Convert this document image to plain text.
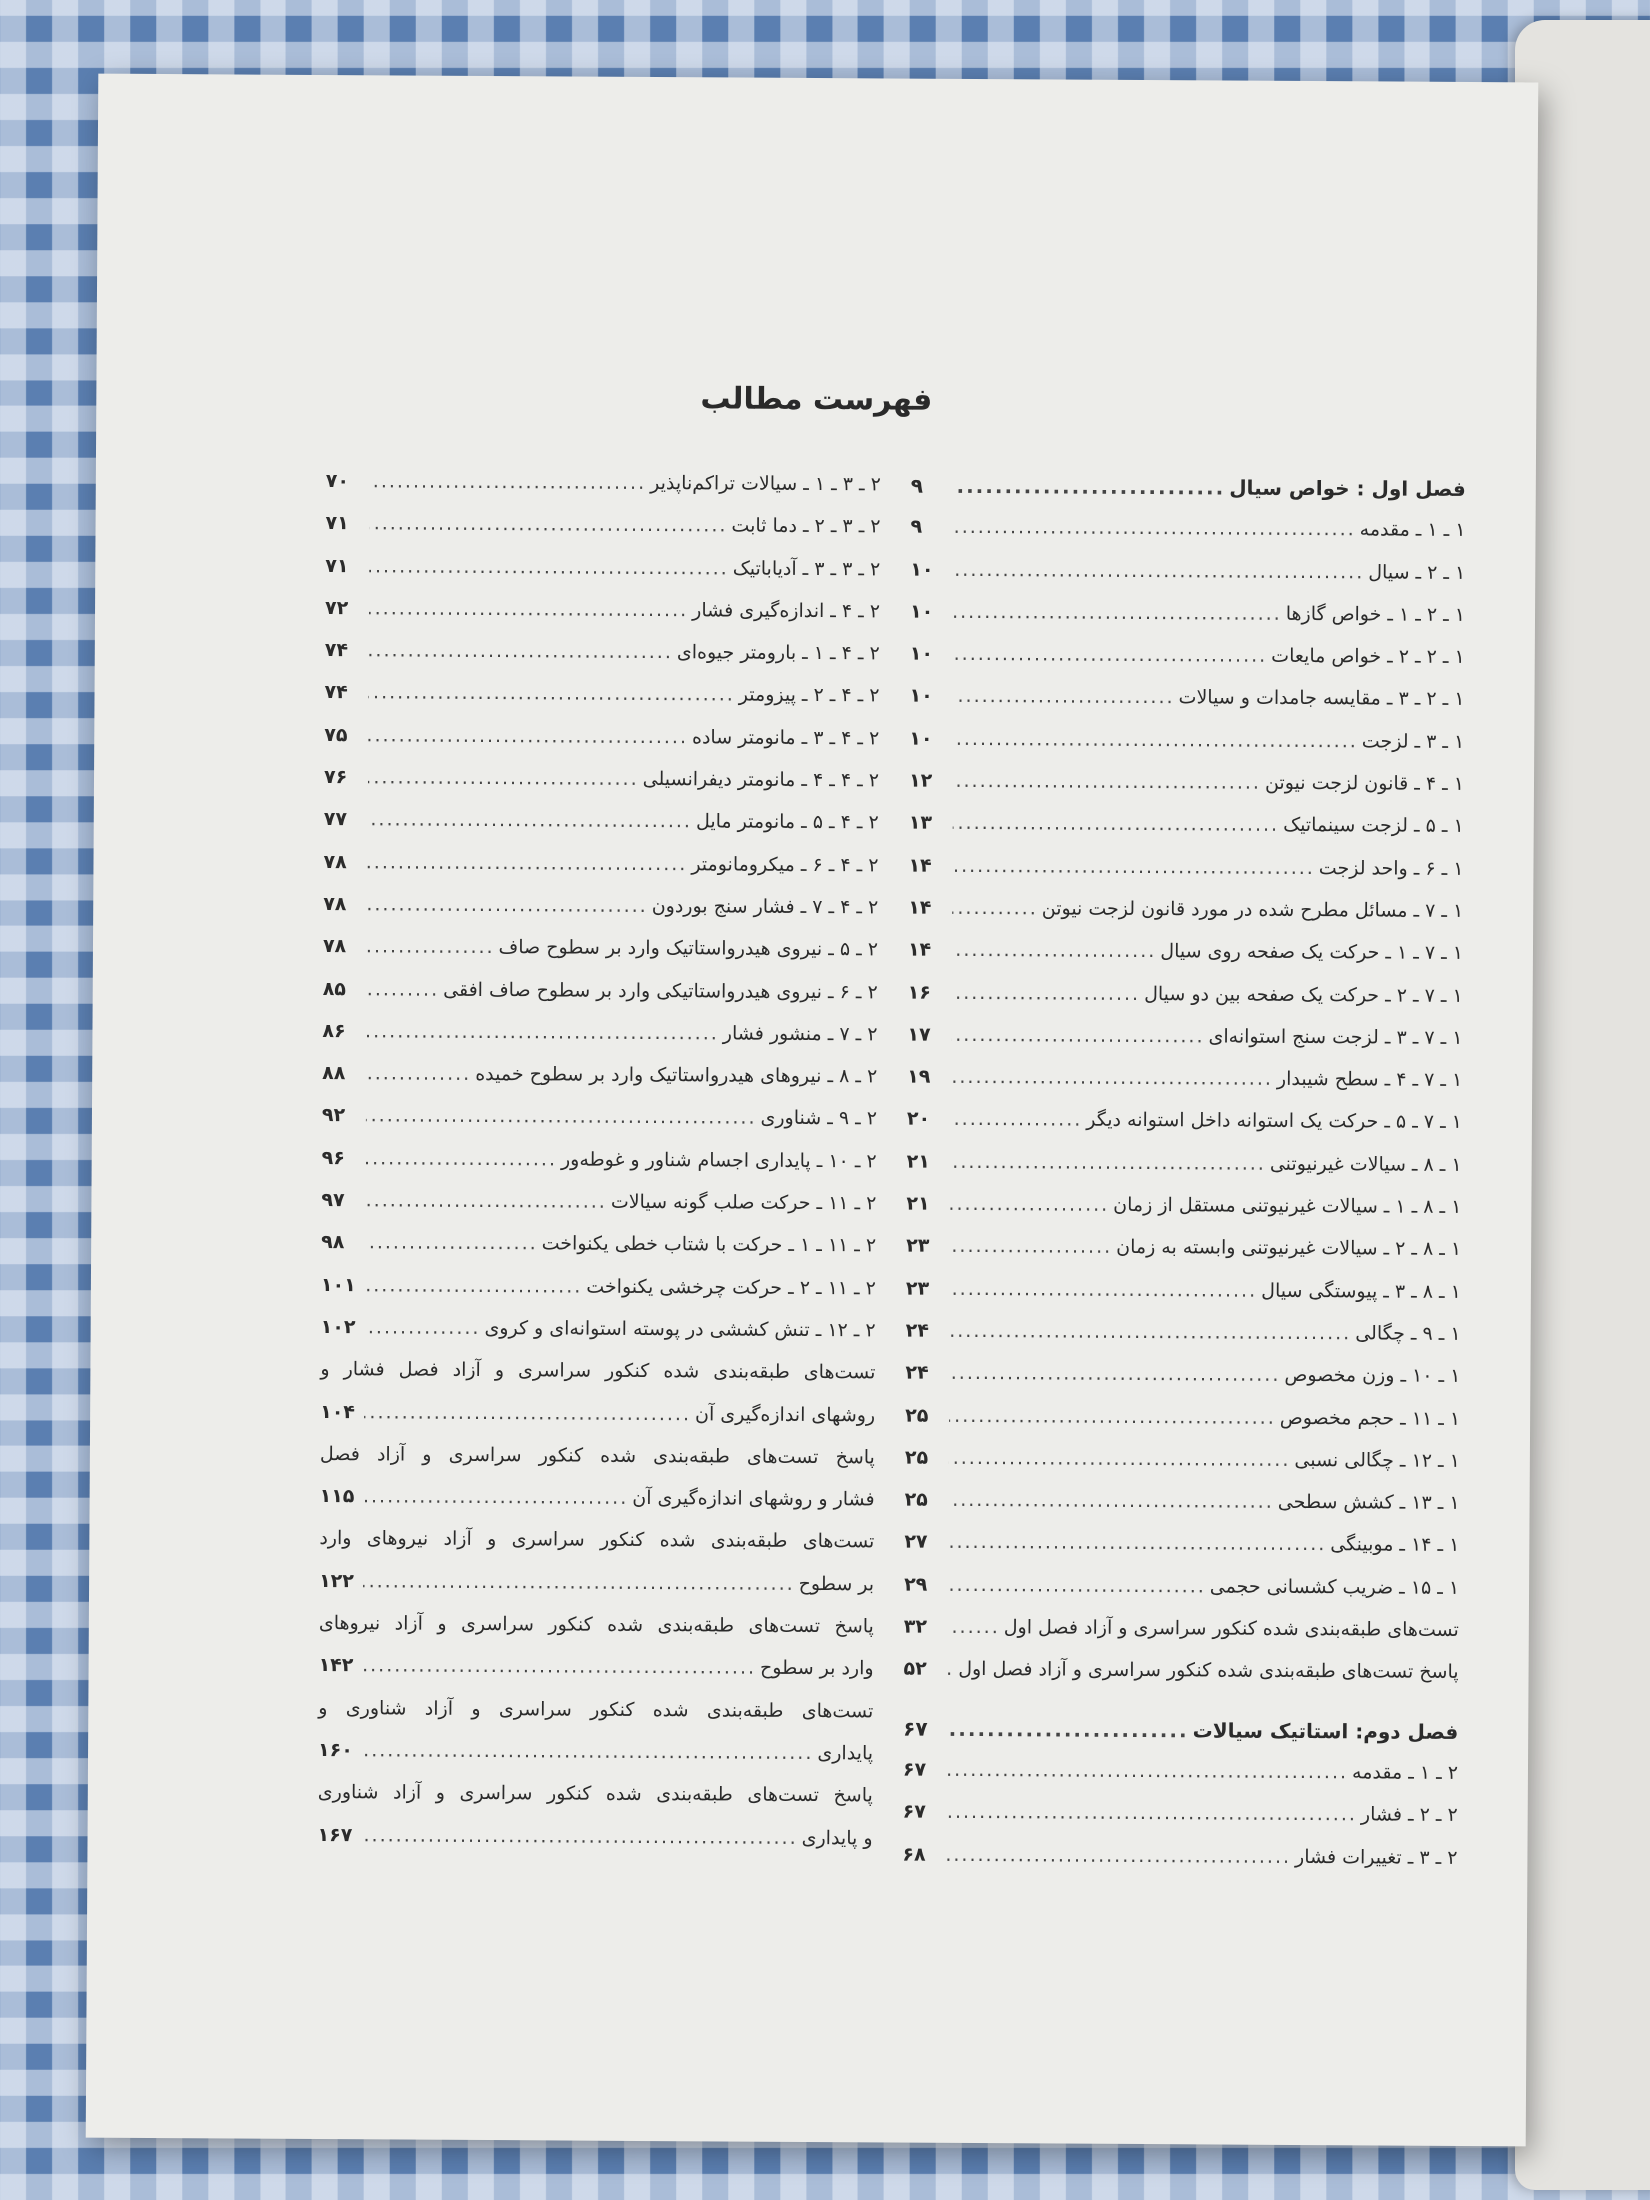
فهرست مطالب
فصل اول : خواص سیال
.....
۹
۱ ـ ۱ ـ مقدمه
.....
۹
۱ ـ ۲ ـ سیال
.....
۱۰
۱ ـ ۲ ـ ۱ ـ خواص گازها
.....
۱۰
۱ ـ ۲ ـ ۲ ـ خواص مایعات
.....
۱۰
۱ ـ ۲ ـ ۳ ـ مقایسه جامدات و سیالات
.....
۱۰
۱ ـ ۳ ـ لزجت
.....
۱۰
۱ ـ ۴ ـ قانون لزجت نیوتن
.....
۱۲
۱ ـ ۵ ـ لزجت سینماتیک
.....
۱۳
۱ ـ ۶ ـ واحد لزجت
.....
۱۴
۱ ـ ۷ ـ مسائل مطرح شده در مورد قانون لزجت نیوتن
.....
۱۴
۱ ـ ۷ ـ ۱ ـ حرکت یک صفحه روی سیال
.....
۱۴
۱ ـ ۷ ـ ۲ ـ حرکت یک صفحه بین دو سیال
.....
۱۶
۱ ـ ۷ ـ ۳ ـ لزجت سنج استوانه‌ای
.....
۱۷
۱ ـ ۷ ـ ۴ ـ سطح شیبدار
.....
۱۹
۱ ـ ۷ ـ ۵ ـ حرکت یک استوانه داخل استوانه دیگر
.....
۲۰
۱ ـ ۸ ـ سیالات غیرنیوتنی
.....
۲۱
۱ ـ ۸ ـ ۱ ـ سیالات غیرنیوتنی مستقل از زمان
.....
۲۱
۱ ـ ۸ ـ ۲ ـ سیالات غیرنیوتنی وابسته به زمان
.....
۲۳
۱ ـ ۸ ـ ۳ ـ پیوستگی سیال
.....
۲۳
۱ ـ ۹ ـ چگالی
.....
۲۴
۱ ـ ۱۰ ـ وزن مخصوص
.....
۲۴
۱ ـ ۱۱ ـ حجم مخصوص
.....
۲۵
۱ ـ ۱۲ ـ چگالی نسبی
.....
۲۵
۱ ـ ۱۳ ـ کشش سطحی
.....
۲۵
۱ ـ ۱۴ ـ موبینگی
.....
۲۷
۱ ـ ۱۵ ـ ضریب کشسانی حجمی
.....
۲۹
تست‌های طبقه‌بندی شده کنکور سراسری و آزاد فصل اول
.....
۳۲
پاسخ تست‌های طبقه‌بندی شده کنکور سراسری و آزاد فصل اول
.....
۵۲
فصل دوم: استاتیک سیالات
.....
۶۷
۲ ـ ۱ ـ مقدمه
.....
۶۷
۲ ـ ۲ ـ فشار
.....
۶۷
۲ ـ ۳ ـ تغییرات فشار
.....
۶۸
۲ ـ ۳ ـ ۱ ـ سیالات تراکم‌ناپذیر
.....
۷۰
۲ ـ ۳ ـ ۲ ـ دما ثابت
.....
۷۱
۲ ـ ۳ ـ ۳ ـ آدیاباتیک
.....
۷۱
۲ ـ ۴ ـ اندازه‌گیری فشار
.....
۷۲
۲ ـ ۴ ـ ۱ ـ بارومتر جیوه‌ای
.....
۷۴
۲ ـ ۴ ـ ۲ ـ پیزومتر
.....
۷۴
۲ ـ ۴ ـ ۳ ـ مانومتر ساده
.....
۷۵
۲ ـ ۴ ـ ۴ ـ مانومتر دیفرانسیلی
.....
۷۶
۲ ـ ۴ ـ ۵ ـ مانومتر مایل
.....
۷۷
۲ ـ ۴ ـ ۶ ـ میکرومانومتر
.....
۷۸
۲ ـ ۴ ـ ۷ ـ فشار سنج بوردون
.....
۷۸
۲ ـ ۵ ـ نیروی هیدرواستاتیک وارد بر سطوح صاف
.....
۷۸
۲ ـ ۶ ـ نیروی هیدرواستاتیکی وارد بر سطوح صاف افقی
.....
۸۵
۲ ـ ۷ ـ منشور فشار
.....
۸۶
۲ ـ ۸ ـ نیروهای هیدرواستاتیک وارد بر سطوح خمیده
.....
۸۸
۲ ـ ۹ ـ شناوری
.....
۹۲
۲ ـ ۱۰ ـ پایداری اجسام شناور و غوطه‌ور
.....
۹۶
۲ ـ ۱۱ ـ حرکت صلب گونه سیالات
.....
۹۷
۲ ـ ۱۱ ـ ۱ ـ حرکت با شتاب خطی یکنواخت
.....
۹۸
۲ ـ ۱۱ ـ ۲ ـ حرکت چرخشی یکنواخت
.....
۱۰۱
۲ ـ ۱۲ ـ تنش کششی در پوسته استوانه‌ای و کروی
.....
۱۰۲
تست‌های طبقه‌بندی شده کنکور سراسری و آزاد فصل فشار و
روشهای اندازه‌گیری آن
.....
۱۰۴
پاسخ تست‌های طبقه‌بندی شده کنکور سراسری و آزاد فصل
فشار و روشهای اندازه‌گیری آن
.....
۱۱۵
تست‌های طبقه‌بندی شده کنکور سراسری و آزاد نیروهای وارد
بر سطوح
.....
۱۲۲
پاسخ تست‌های طبقه‌بندی شده کنکور سراسری و آزاد نیروهای
وارد بر سطوح
.....
۱۴۲
تست‌های طبقه‌بندی شده کنکور سراسری و آزاد شناوری و
پایداری
.....
۱۶۰
پاسخ تست‌های طبقه‌بندی شده کنکور سراسری و آزاد شناوری
و پایداری
.....
۱۶۷
